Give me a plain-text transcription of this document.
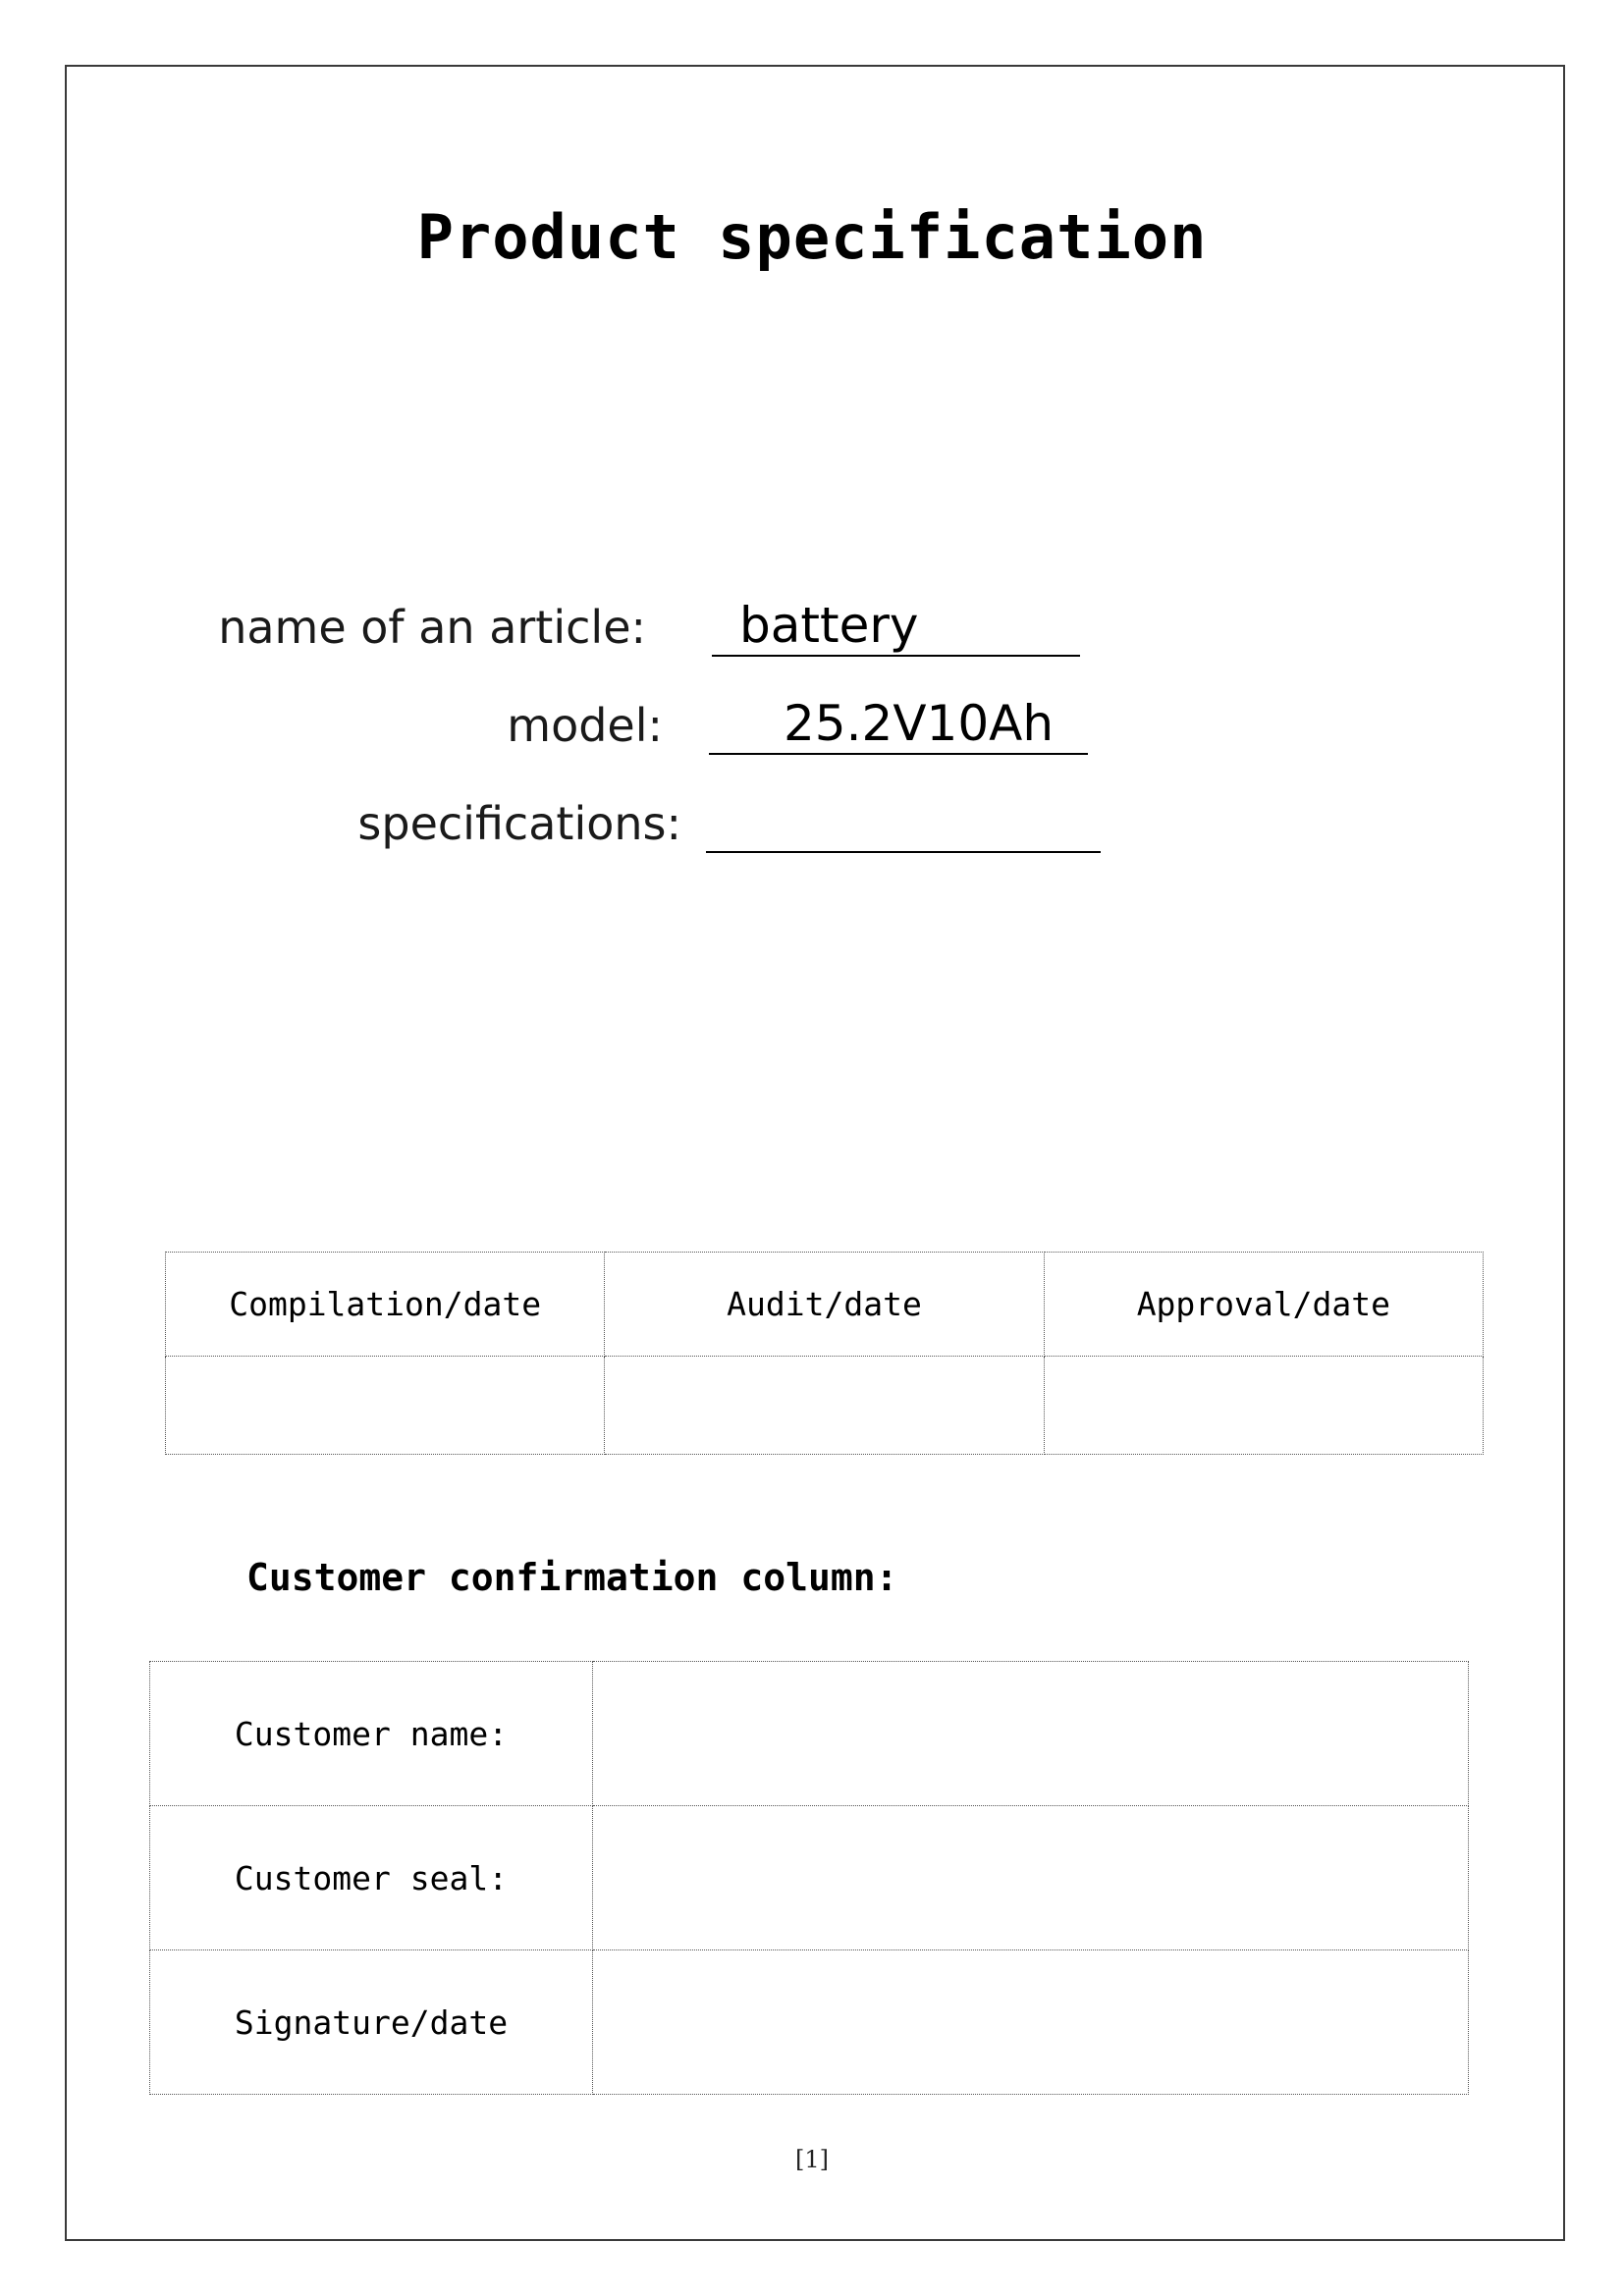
Product specification
name of an article:	battery
model:	25.2V10Ah
specifications:
Compilation/date	Audit/date	Approval/date

Customer confirmation column:
Customer name:	
Customer seal:	
Signature/date	
[1]
